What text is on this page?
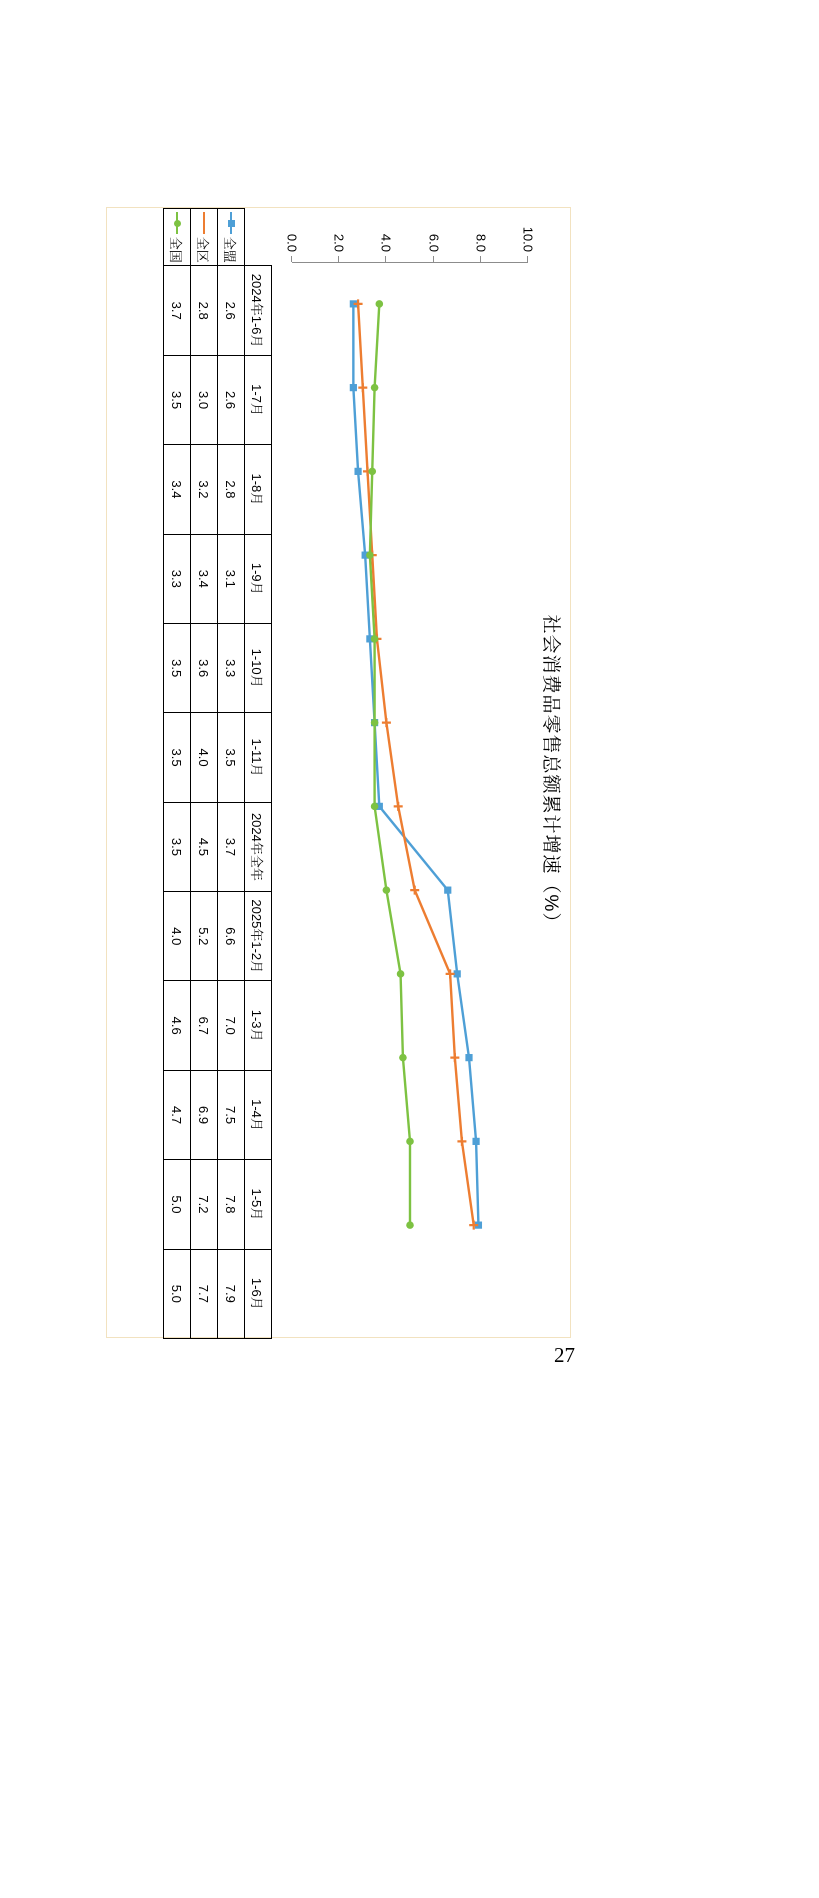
社会消费品零售总额累计增速（%）
0.0 2.0 4.0 6.0 8.0 10.0
	2024年1-6月	1-7月	1-8月	1-9月	1-10月	1-11月	2024年全年	2025年1-2月	1-3月	1-4月	1-5月	1-6月

全盟	2.6	2.6	2.8	3.1	3.3	3.5	3.7	6.6	7.0	7.5	7.8	7.9

全区	2.8	3.0	3.2	3.4	3.6	4.0	4.5	5.2	6.7	6.9	7.2	7.7

全国	3.7	3.5	3.4	3.3	3.5	3.5	3.5	4.0	4.6	4.7	5.0	5.0
27
